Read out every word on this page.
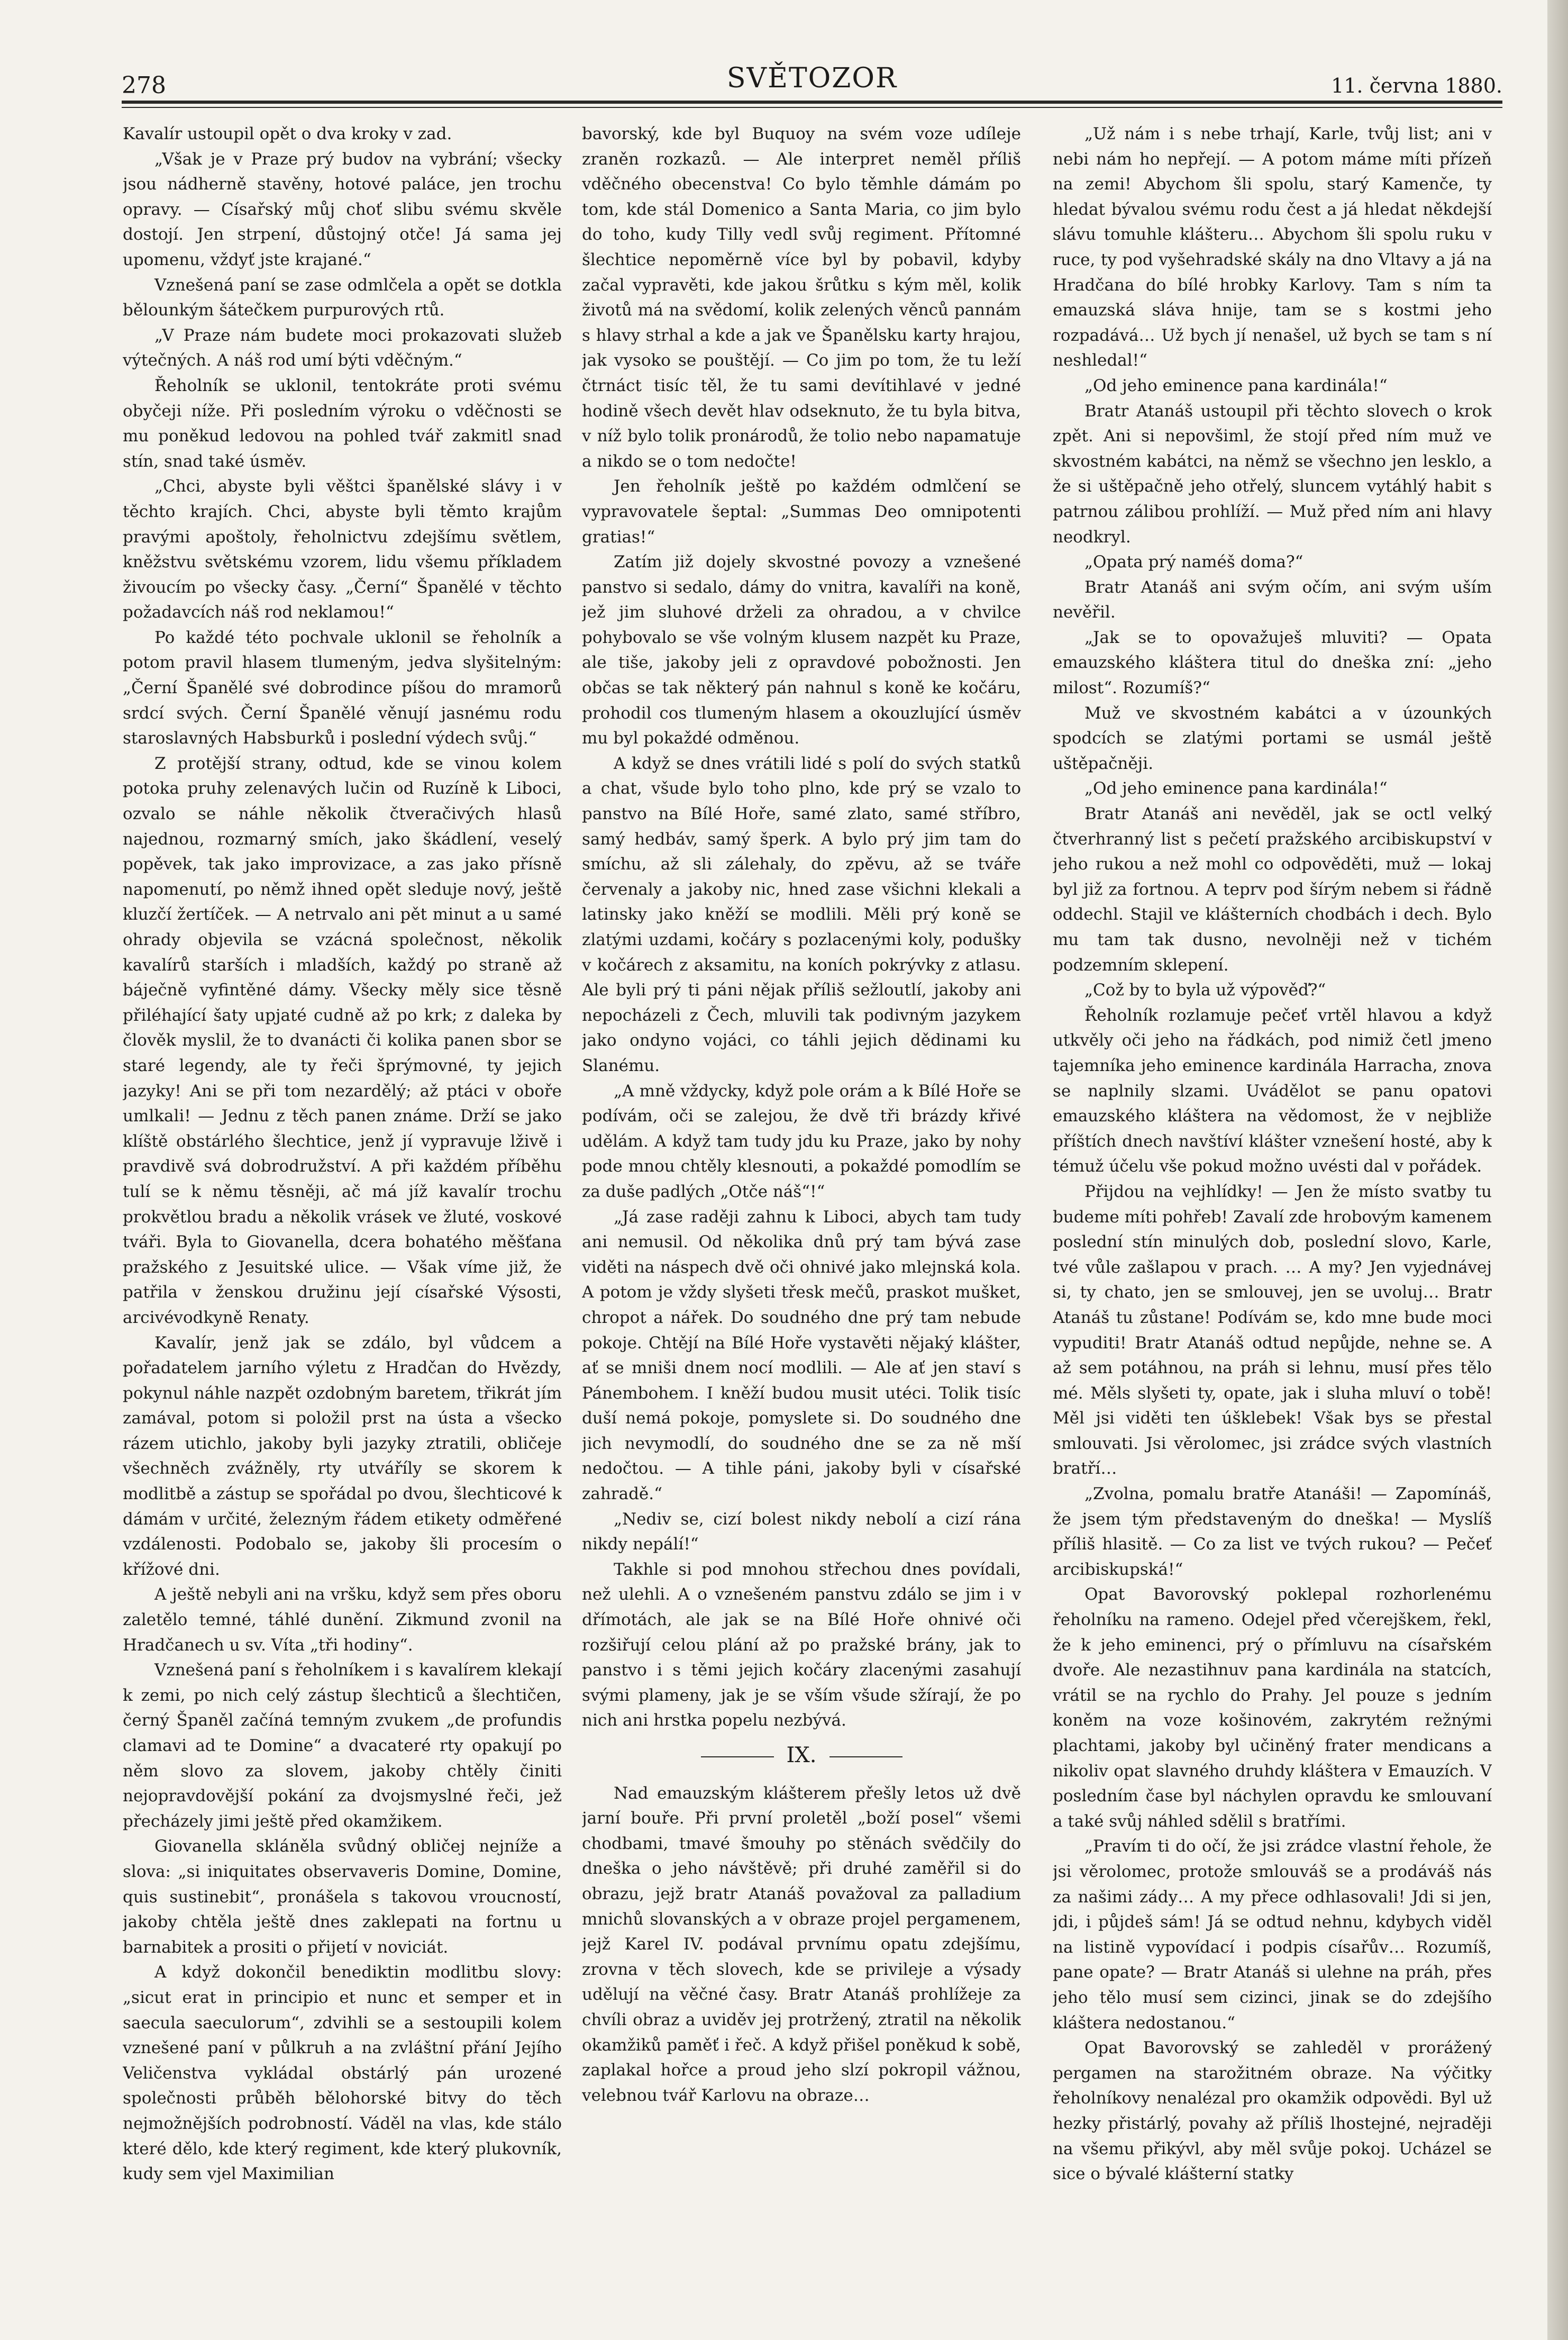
278	SVĚTOZOR	11. června 1880.

Kavalír ustoupil opět o dva kroky v zad.

„Však je v Praze prý budov na vybrání; všecky jsou nádherně stavěny, hotové paláce, jen trochu opravy. — Císařský můj choť slibu svému skvěle dostojí. Jen strpení, důstojný otče! Já sama jej upomenu, vždyť jste krajané.“

Vznešená paní se zase odmlčela a opět se dotkla bělounkým šátečkem purpurových rtů.

„V Praze nám budete moci prokazovati služeb výtečných. A náš rod umí býti vděčným.“

Řeholník se uklonil, tentokráte proti svému obyčeji níže. Při posledním výroku o vděčnosti se mu poněkud ledovou na pohled tvář zakmitl snad stín, snad také úsměv.

„Chci, abyste byli věštci španělské slávy i v těchto krajích. Chci, abyste byli těmto krajům pravými apoštoly, řeholnictvu zdejšímu světlem, kněžstvu světskému vzorem, lidu všemu příkladem živoucím po všecky časy. „Černí“ Španělé v těchto požadavcích náš rod neklamou!“

Po každé této pochvale uklonil se řeholník a potom pravil hlasem tlumeným, jedva slyšitelným: „Černí Španělé své dobrodince píšou do mramorů srdcí svých. Černí Španělé věnují jasnému rodu staroslavných Habsburků i poslední výdech svůj.“

Z protější strany, odtud, kde se vinou kolem potoka pruhy zelenavých lučin od Ruzíně k Liboci, ozvalo se náhle několik čtveračivých hlasů najednou, rozmarný smích, jako škádlení, veselý popěvek, tak jako improvizace, a zas jako přísně napomenutí, po němž ihned opět sleduje nový, ještě kluzčí žertíček. — A netrvalo ani pět minut a u samé ohrady objevila se vzácná společnost, několik kavalírů starších i mladších, každý po straně až báječně vyfintěné dámy. Všecky měly sice těsně přiléhající šaty upjaté cudně až po krk; z daleka by člověk myslil, že to dvanácti či kolika panen sbor se staré legendy, ale ty řeči šprýmovné, ty jejich jazyky! Ani se při tom nezardělý; až ptáci v oboře umlkali! — Jednu z těch panen známe. Drží se jako klíště obstárlého šlechtice, jenž jí vypravuje lživě i pravdivě svá dobrodružství. A při každém příběhu tulí se k němu těsněji, ač má jíž kavalír trochu prokvětlou bradu a několik vrásek ve žluté, voskové tváři. Byla to Giovanella, dcera bohatého měšťana pražského z Jesuitské ulice. — Však víme již, že patřila v ženskou družinu její císařské Výsosti, arcivévodkyně Renaty.

Kavalír, jenž jak se zdálo, byl vůdcem a pořadatelem jarního výletu z Hradčan do Hvězdy, pokynul náhle nazpět ozdobným baretem, třikrát jím zamával, potom si položil prst na ústa a všecko rázem utichlo, jakoby byli jazyky ztratili, obličeje všechněch zvážněly, rty utváříly se skorem k modlitbě a zástup se spořádal po dvou, šlechticové k dámám v určité, železným řádem etikety odměřené vzdálenosti. Podobalo se, jakoby šli procesím o křížové dni.

A ještě nebyli ani na vršku, když sem přes oboru zaletělo temné, táhlé dunění. Zikmund zvonil na Hradčanech u sv. Víta „tři hodiny“.

Vznešená paní s řeholníkem i s kavalírem klekají k zemi, po nich celý zástup šlechticů a šlechtičen, černý Španěl začíná temným zvukem „de profundis clamavi ad te Domine“ a dvacateré rty opakují po něm slovo za slovem, jakoby chtěly činiti nejopravdovější pokání za dvojsmyslné řeči, jež přecházely jimi ještě před okamžikem.

Giovanella skláněla svůdný obličej nejníže a slova: „si iniquitates observaveris Domine, Domine, quis sustinebit“, pronášela s takovou vroucností, jakoby chtěla ještě dnes zaklepati na fortnu u barnabitek a prositi o přijetí v noviciát.

A když dokončil benediktin modlitbu slovy: „sicut erat in principio et nunc et semper et in saecula saeculorum“, zdvihli se a sestoupili kolem vznešené paní v půlkruh a na zvláštní přání Jejího Veličenstva vykládal obstárlý pán urozené společnosti průběh bělohorské bitvy do těch nejmožnějších podrobností. Váděl na vlas, kde stálo které dělo, kde který regiment, kde který plukovník, kudy sem vjel Maximilian

bavorský, kde byl Buquoy na svém voze udíleje zraněn rozkazů. — Ale interpret neměl příliš vděčného obecenstva! Co bylo těmhle dámám po tom, kde stál Domenico a Santa Maria, co jim bylo do toho, kudy Tilly vedl svůj regiment. Přítomné šlechtice nepoměrně více byl by pobavil, kdyby začal vypravěti, kde jakou šrůtku s kým měl, kolik životů má na svědomí, kolik zelených věnců pannám s hlavy strhal a kde a jak ve Španělsku karty hrajou, jak vysoko se pouštějí. — Co jim po tom, že tu leží čtrnáct tisíc těl, že tu sami devítihlavé v jedné hodině všech devět hlav odseknuto, že tu byla bitva, v níž bylo tolik pronárodů, že tolio nebo napamatuje a nikdo se o tom nedočte!

Jen řeholník ještě po každém odmlčení se vypravovatele šeptal: „Summas Deo omnipotenti gratias!“

Zatím již dojely skvostné povozy a vznešené panstvo si sedalo, dámy do vnitra, kavalíři na koně, jež jim sluhové drželi za ohradou, a v chvilce pohybovalo se vše volným klusem nazpět ku Praze, ale tiše, jakoby jeli z opravdové pobožnosti. Jen občas se tak některý pán nahnul s koně ke kočáru, prohodil cos tlumeným hlasem a okouzlující úsměv mu byl pokaždé odměnou.

A když se dnes vrátili lidé s polí do svých statků a chat, všude bylo toho plno, kde prý se vzalo to panstvo na Bílé Hoře, samé zlato, samé stříbro, samý hedbáv, samý šperk. A bylo prý jim tam do smíchu, až sli zálehaly, do zpěvu, až se tváře červenaly a jakoby nic, hned zase všichni klekali a latinsky jako kněží se modlili. Měli prý koně se zlatými uzdami, kočáry s pozlacenými koly, podušky v kočárech z aksamitu, na koních pokrývky z atlasu. Ale byli prý ti páni nějak příliš sežloutlí, jakoby ani nepocházeli z Čech, mluvili tak podivným jazykem jako ondyno vojáci, co táhli jejich dědinami ku Slanému.

„A mně vždycky, když pole orám a k Bílé Hoře se podívám, oči se zalejou, že dvě tři brázdy křivé udělám. A když tam tudy jdu ku Praze, jako by nohy pode mnou chtěly klesnouti, a pokaždé pomodlím se za duše padlých „Otče náš“!“

„Já zase raději zahnu k Liboci, abych tam tudy ani nemusil. Od několika dnů prý tam bývá zase viděti na náspech dvě oči ohnivé jako mlejnská kola. A potom je vždy slyšeti třesk mečů, praskot mušket, chropot a nářek. Do soudného dne prý tam nebude pokoje. Chtějí na Bílé Hoře vystavěti nějaký klášter, ať se mniši dnem nocí modlili. — Ale ať jen staví s Pánembohem. I kněží budou musit utéci. Tolik tisíc duší nemá pokoje, pomyslete si. Do soudného dne jich nevymodlí, do soudného dne se za ně mší nedočtou. — A tihle páni, jakoby byli v císařské zahradě.“

„Nediv se, cizí bolest nikdy nebolí a cizí rána nikdy nepálí!“

Takhle si pod mnohou střechou dnes povídali, než ulehli. A o vznešeném panstvu zdálo se jim i v dřímotách, ale jak se na Bílé Hoře ohnivé oči rozšiřují celou plání až po pražské brány, jak to panstvo i s těmi jejich kočáry zlacenými zasahují svými plameny, jak je se vším všude sžírají, že po nich ani hrstka popelu nezbývá.

IX.

Nad emauzským klášterem přešly letos už dvě jarní bouře. Při první proletěl „boží posel“ všemi chodbami, tmavé šmouhy po stěnách svědčily do dneška o jeho návštěvě; při druhé zaměřil si do obrazu, jejž bratr Atanáš považoval za palladium mnichů slovanských a v obraze projel pergamenem, jejž Karel IV. podával prvnímu opatu zdejšímu, zrovna v těch slovech, kde se privileje a výsady udělují na věčné časy. Bratr Atanáš prohlížeje za chvíli obraz a uviděv jej protržený, ztratil na několik okamžiků paměť i řeč. A když přišel poněkud k sobě, zaplakal hořce a proud jeho slzí pokropil vážnou, velebnou tvář Karlovu na obraze…

„Už nám i s nebe trhají, Karle, tvůj list; ani v nebi nám ho nepřejí. — A potom máme míti přízeň na zemi! Abychom šli spolu, starý Kamenče, ty hledat bývalou svému rodu čest a já hledat někdejší slávu tomuhle klášteru… Abychom šli spolu ruku v ruce, ty pod vyšehradské skály na dno Vltavy a já na Hradčana do bílé hrobky Karlovy. Tam s ním ta emauzská sláva hnije, tam se s kostmi jeho rozpadává… Už bych jí nenašel, už bych se tam s ní neshledal!“

„Od jeho eminence pana kardinála!“

Bratr Atanáš ustoupil při těchto slovech o krok zpět. Ani si nepovšiml, že stojí před ním muž ve skvostném kabátci, na němž se všechno jen lesklo, a že si uštěpačně jeho otřelý, sluncem vytáhlý habit s patrnou zálibou prohlíží. — Muž před ním ani hlavy neodkryl.

„Opata prý naméš doma?“

Bratr Atanáš ani svým očím, ani svým uším nevěřil.

„Jak se to opovažuješ mluviti? — Opata emauzského kláštera titul do dneška zní: „jeho milost“. Rozumíš?“

Muž ve skvostném kabátci a v úzounkých spodcích se zlatými portami se usmál ještě uštěpačněji.

„Od jeho eminence pana kardinála!“

Bratr Atanáš ani nevěděl, jak se octl velký čtverhranný list s pečetí pražského arcibiskupství v jeho rukou a než mohl co odpověděti, muž — lokaj byl již za fortnou. A teprv pod šírým nebem si řádně oddechl. Stajil ve klášterních chodbách i dech. Bylo mu tam tak dusno, nevolněji než v tichém podzemním sklepení.

„Což by to byla už výpověď?“

Řeholník rozlamuje pečeť vrtěl hlavou a když utkvěly oči jeho na řádkách, pod nimiž četl jmeno tajemníka jeho eminence kardinála Harracha, znova se naplnily slzami. Uvádělot se panu opatovi emauzského kláštera na vědomost, že v nejbliže příštích dnech navštíví klášter vznešení hosté, aby k témuž účelu vše pokud možno uvésti dal v pořádek.

Přijdou na vejhlídky! — Jen že místo svatby tu budeme míti pohřeb! Zavalí zde hrobovým kamenem poslední stín minulých dob, poslední slovo, Karle, tvé vůle zašlapou v prach. … A my? Jen vyjednávej si, ty chato, jen se smlouvej, jen se uvoluj… Bratr Atanáš tu zůstane! Podívám se, kdo mne bude moci vypuditi! Bratr Atanáš odtud nepůjde, nehne se. A až sem potáhnou, na práh si lehnu, musí přes tělo mé. Měls slyšeti ty, opate, jak i sluha mluví o tobě! Měl jsi viděti ten úšklebek! Však bys se přestal smlouvati. Jsi věrolomec, jsi zrádce svých vlastních bratří…

„Zvolna, pomalu bratře Atanáši! — Zapomínáš, že jsem tým představeným do dneška! — Myslíš příliš hlasitě. — Co za list ve tvých rukou? — Pečeť arcibiskupská!“

Opat Bavorovský poklepal rozhorlenému řeholníku na rameno. Odejel před včerejškem, řekl, že k jeho eminenci, prý o přímluvu na císařském dvoře. Ale nezastihnuv pana kardinála na statcích, vrátil se na rychlo do Prahy. Jel pouze s jedním koněm na voze košinovém, zakrytém režnými plachtami, jakoby byl učiněný frater mendicans a nikoliv opat slavného druhdy kláštera v Emauzích. V posledním čase byl náchylen opravdu ke smlouvaní a také svůj náhled sdělil s bratřími.

„Pravím ti do očí, že jsi zrádce vlastní řehole, že jsi věrolomec, protože smlouváš se a prodáváš nás za našimi zády… A my přece odhlasovali! Jdi si jen, jdi, i půjdeš sám! Já se odtud nehnu, kdybych viděl na listině vypovídací i podpis císařův… Rozumíš, pane opate? — Bratr Atanáš si ulehne na práh, přes jeho tělo musí sem cizinci, jinak se do zdejšího kláštera nedostanou.“

Opat Bavorovský se zahleděl v prorážený pergamen na starožitném obraze. Na výčitky řeholníkovy nenalézal pro okamžik odpovědi. Byl už hezky přistárlý, povahy až příliš lhostejné, nejraději na všemu přikývl, aby měl svůje pokoj. Ucházel se sice o bývalé klášterní statky
